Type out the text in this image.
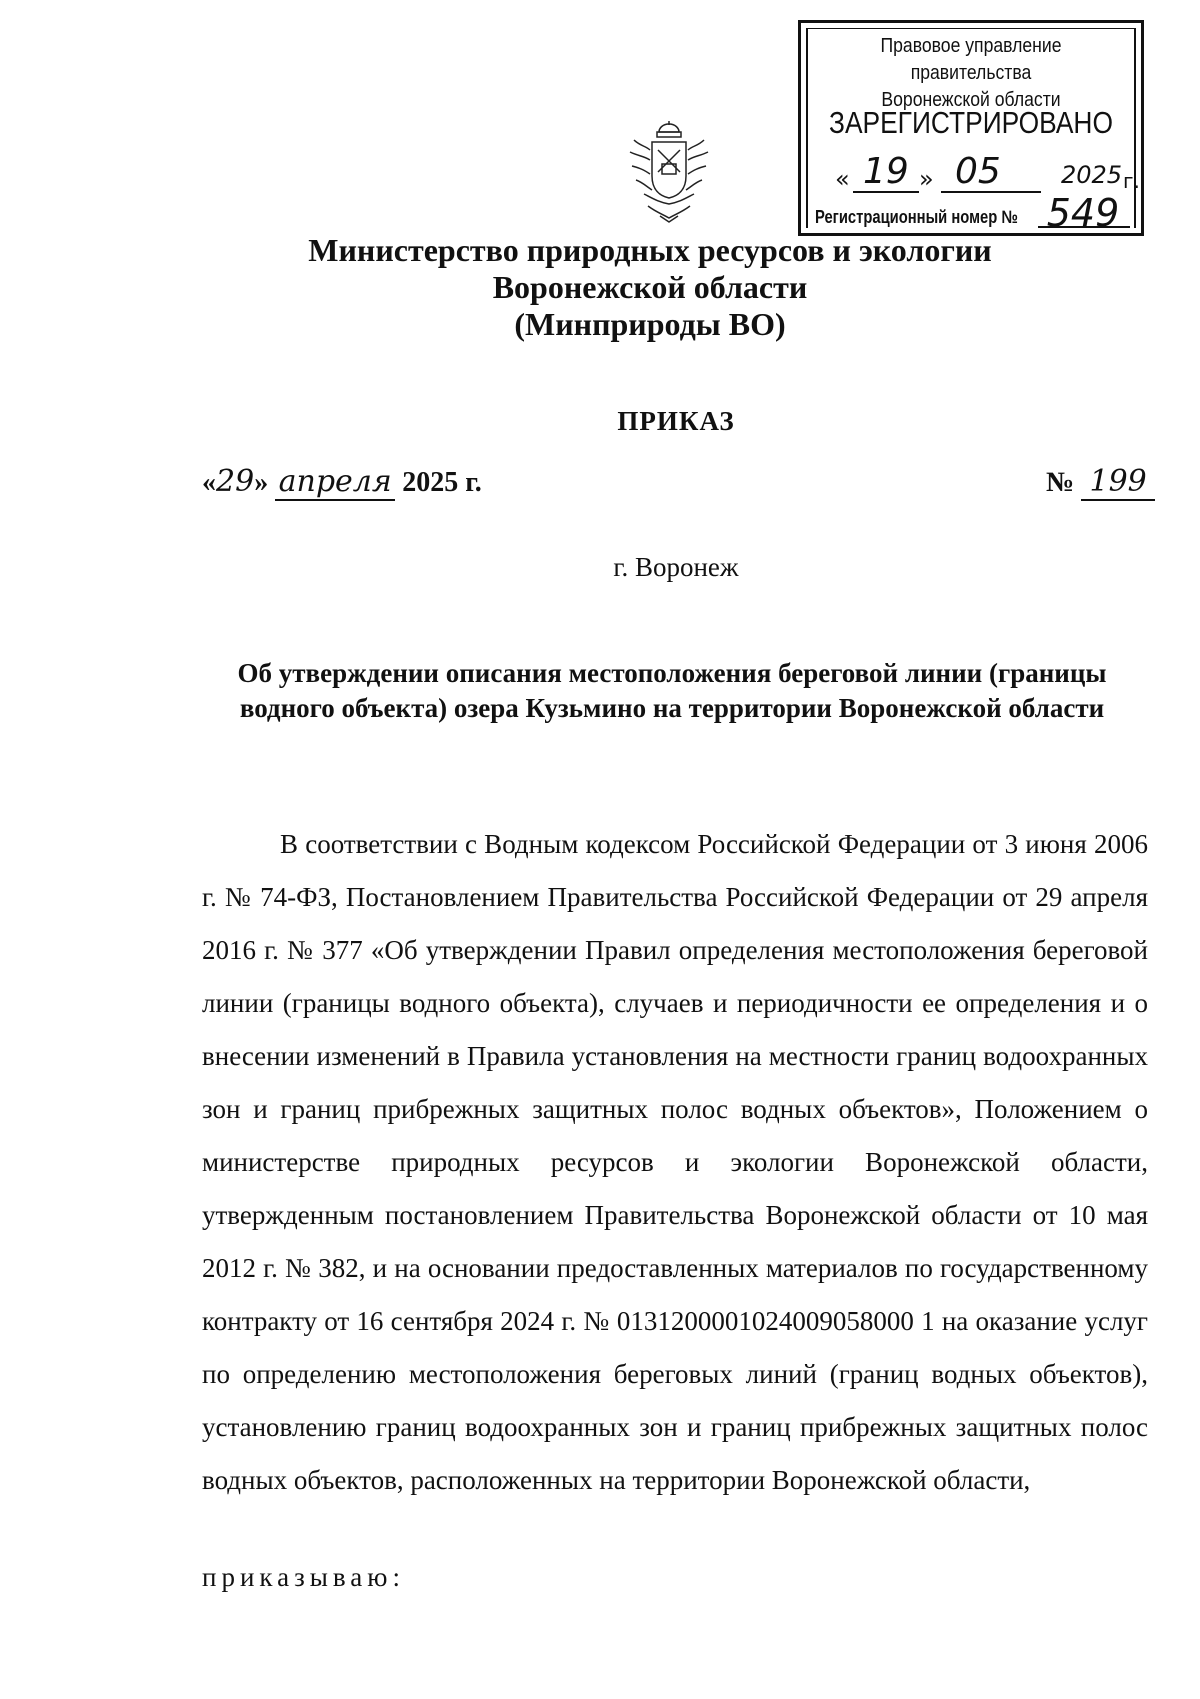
Правовое управление правительства
Воронежской области
ЗАРЕГИСТРИРОВАНО
« 19 » 05	2025 г.
Регистрационный номер № 549
Министерство природных ресурсов и экологии
Воронежской области
(Минприроды ВО)
ПРИКАЗ
«29» апреля 2025 г.	№ 199
г. Воронеж
Об утверждении описания местоположения береговой линии (границы водного объекта) озера Кузьмино на территории Воронежской области
В соответствии с Водным кодексом Российской Федерации от 3 июня 2006 г. № 74-ФЗ, Постановлением Правительства Российской Федерации от 29 апреля 2016 г. № 377 «Об утверждении Правил определения местоположения береговой линии (границы водного объекта), случаев и периодичности ее определения и о внесении изменений в Правила установления на местности границ водоохранных зон и границ прибрежных защитных полос водных объектов», Положением о министерстве природных ресурсов и экологии Воронежской области, утвержденным постановлением Правительства Воронежской области от 10 мая 2012 г. № 382, и на основании предоставленных материалов по государственному контракту от 16 сентября 2024 г. № 0131200001024009058000 1 на оказание услуг по определению местоположения береговых линий (границ водных объектов), установлению границ водоохранных зон и границ прибрежных защитных полос водных объектов, расположенных на территории Воронежской области,
приказываю:
